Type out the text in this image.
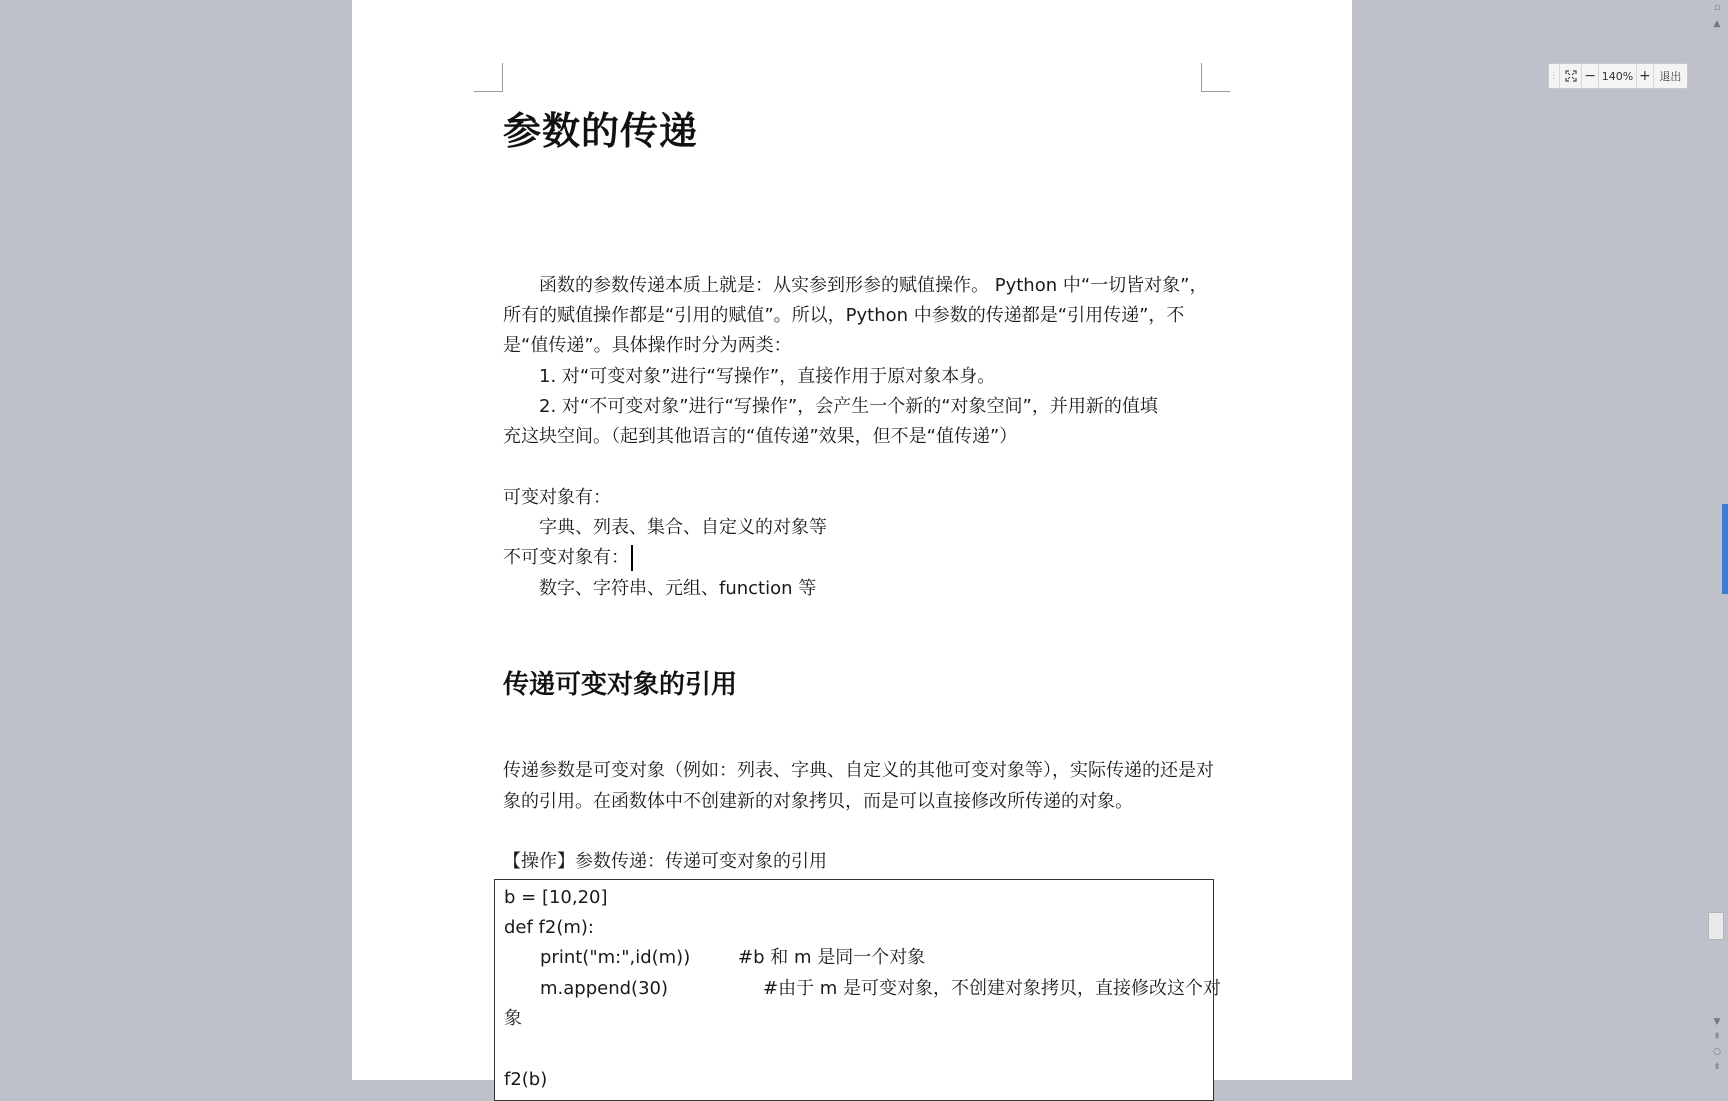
参数的传递
函数的参数传递本质上就是：从实参到形参的赋值操作。 Python 中“一切皆对象”，
所有的赋值操作都是“引用的赋值”。所以，Python 中参数的传递都是“引用传递”，不
是“值传递”。具体操作时分为两类：
1. 对“可变对象”进行“写操作”，直接作用于原对象本身。
2. 对“不可变对象”进行“写操作”，会产生一个新的“对象空间”，并用新的值填
充这块空间。（起到其他语言的“值传递”效果，但不是“值传递”）
可变对象有：
字典、列表、集合、自定义的对象等
不可变对象有：
数字、字符串、元组、function 等
传递可变对象的引用
传递参数是可变对象（例如：列表、字典、自定义的其他可变对象等），实际传递的还是对
象的引用。在函数体中不创建新的对象拷贝，而是可以直接修改所传递的对象。
【操作】参数传递：传递可变对象的引用
b = [10,20]
def f2(m):
print("m:",id(m))	#b 和 m 是同一个对象
m.append(30)	#由于 m 是可变对象，不创建对象拷贝，直接修改这个对
象
f2(b)
⋮ − 140% + 退出
▫
▲
▼
⇞
○
⇟
